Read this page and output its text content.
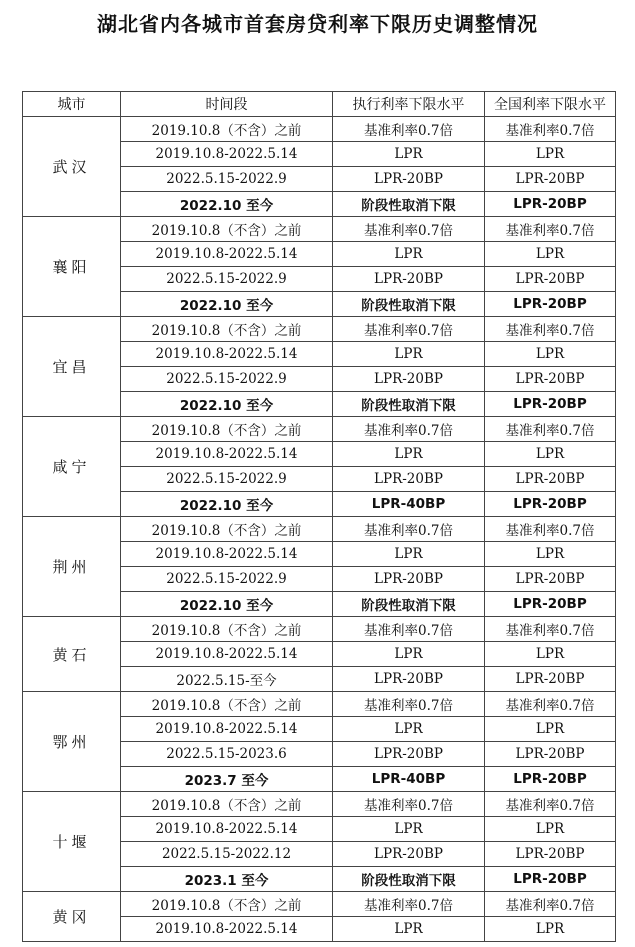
湖北省内各城市首套房贷利率下限历史调整情况
城市	时间段	执行利率下限水平	全国利率下限水平
武汉	2019.10.8（不含）之前	基准利率0.7倍	基准利率0.7倍
	2019.10.8-2022.5.14	LPR	LPR
	2022.5.15-2022.9	LPR-20BP	LPR-20BP
	2022.10 至今	阶段性取消下限	LPR-20BP
襄阳	2019.10.8（不含）之前	基准利率0.7倍	基准利率0.7倍
	2019.10.8-2022.5.14	LPR	LPR
	2022.5.15-2022.9	LPR-20BP	LPR-20BP
	2022.10 至今	阶段性取消下限	LPR-20BP
宜昌	2019.10.8（不含）之前	基准利率0.7倍	基准利率0.7倍
	2019.10.8-2022.5.14	LPR	LPR
	2022.5.15-2022.9	LPR-20BP	LPR-20BP
	2022.10 至今	阶段性取消下限	LPR-20BP
咸宁	2019.10.8（不含）之前	基准利率0.7倍	基准利率0.7倍
	2019.10.8-2022.5.14	LPR	LPR
	2022.5.15-2022.9	LPR-20BP	LPR-20BP
	2022.10 至今	LPR-40BP	LPR-20BP
荆州	2019.10.8（不含）之前	基准利率0.7倍	基准利率0.7倍
	2019.10.8-2022.5.14	LPR	LPR
	2022.5.15-2022.9	LPR-20BP	LPR-20BP
	2022.10 至今	阶段性取消下限	LPR-20BP
黄石	2019.10.8（不含）之前	基准利率0.7倍	基准利率0.7倍
	2019.10.8-2022.5.14	LPR	LPR
	2022.5.15-至今	LPR-20BP	LPR-20BP
鄂州	2019.10.8（不含）之前	基准利率0.7倍	基准利率0.7倍
	2019.10.8-2022.5.14	LPR	LPR
	2022.5.15-2023.6	LPR-20BP	LPR-20BP
	2023.7 至今	LPR-40BP	LPR-20BP
十堰	2019.10.8（不含）之前	基准利率0.7倍	基准利率0.7倍
	2019.10.8-2022.5.14	LPR	LPR
	2022.5.15-2022.12	LPR-20BP	LPR-20BP
	2023.1 至今	阶段性取消下限	LPR-20BP
黄冈	2019.10.8（不含）之前	基准利率0.7倍	基准利率0.7倍
	2019.10.8-2022.5.14	LPR	LPR
